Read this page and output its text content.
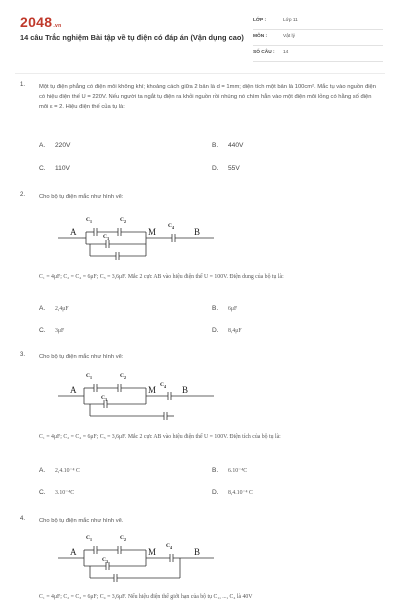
2048.vn
14 câu Trắc nghiệm Bài tập về tụ điện có đáp án (Vận dụng cao)
LỚP :	Lớp 11
MÔN :	Vật lý
SỐ CÂU : 14
1. Một tụ điện phẳng có điện môi không khí; khoảng cách giữa 2 bản là d = 1mm; diện tích một bản là 100cm². Mắc tụ vào nguồn điện có hiệu điện thế U = 220V. Nếu người ta ngắt tụ điện ra khỏi nguồn rồi nhúng nó chìm hẳn vào một điện môi lỏng có hằng số điện môi ε = 2. Hiệu điện thế của tụ là:
A. 220V	B. 440V
C. 110V	D. 55V
2. Cho bộ tụ điện mắc như hình vẽ:
A	M	B
C 1	C 2
C 3
C 4
C₁ = 4μF; C₂ = C₄ = 6μF; C₃ = 3,6μF. Mắc 2 cực AB vào hiệu điện thế U = 100V. Điện dung của bộ tụ là:
A. 2,4μF	B. 6μF
C. 3μF	D. 8,4μF
3. Cho bộ tụ điện mắc như hình vẽ:
A	M	B
C 1	C 2
C 3
C 4
C₁ = 4μF; C₂ = C₄ = 6μF; C₃ = 3,6μF. Mắc 2 cực AB vào hiệu điện thế U = 100V. Điện tích của bộ tụ là:
A. 2,4.10⁻⁴ C	B. 6.10⁻⁴C
C. 3.10⁻⁴C	D. 8,4.10⁻⁴ C
4. Cho bộ tụ điện mắc như hình vẽ.
A	M	B
C 1	C 2
C 3
C 4
C₁ = 4μF; C₂ = C₃ = 6μF; C₄ = 3,6μF. Nếu hiệu điện thế giới hạn của bộ tụ C₁, ..., C₄ là 40V
